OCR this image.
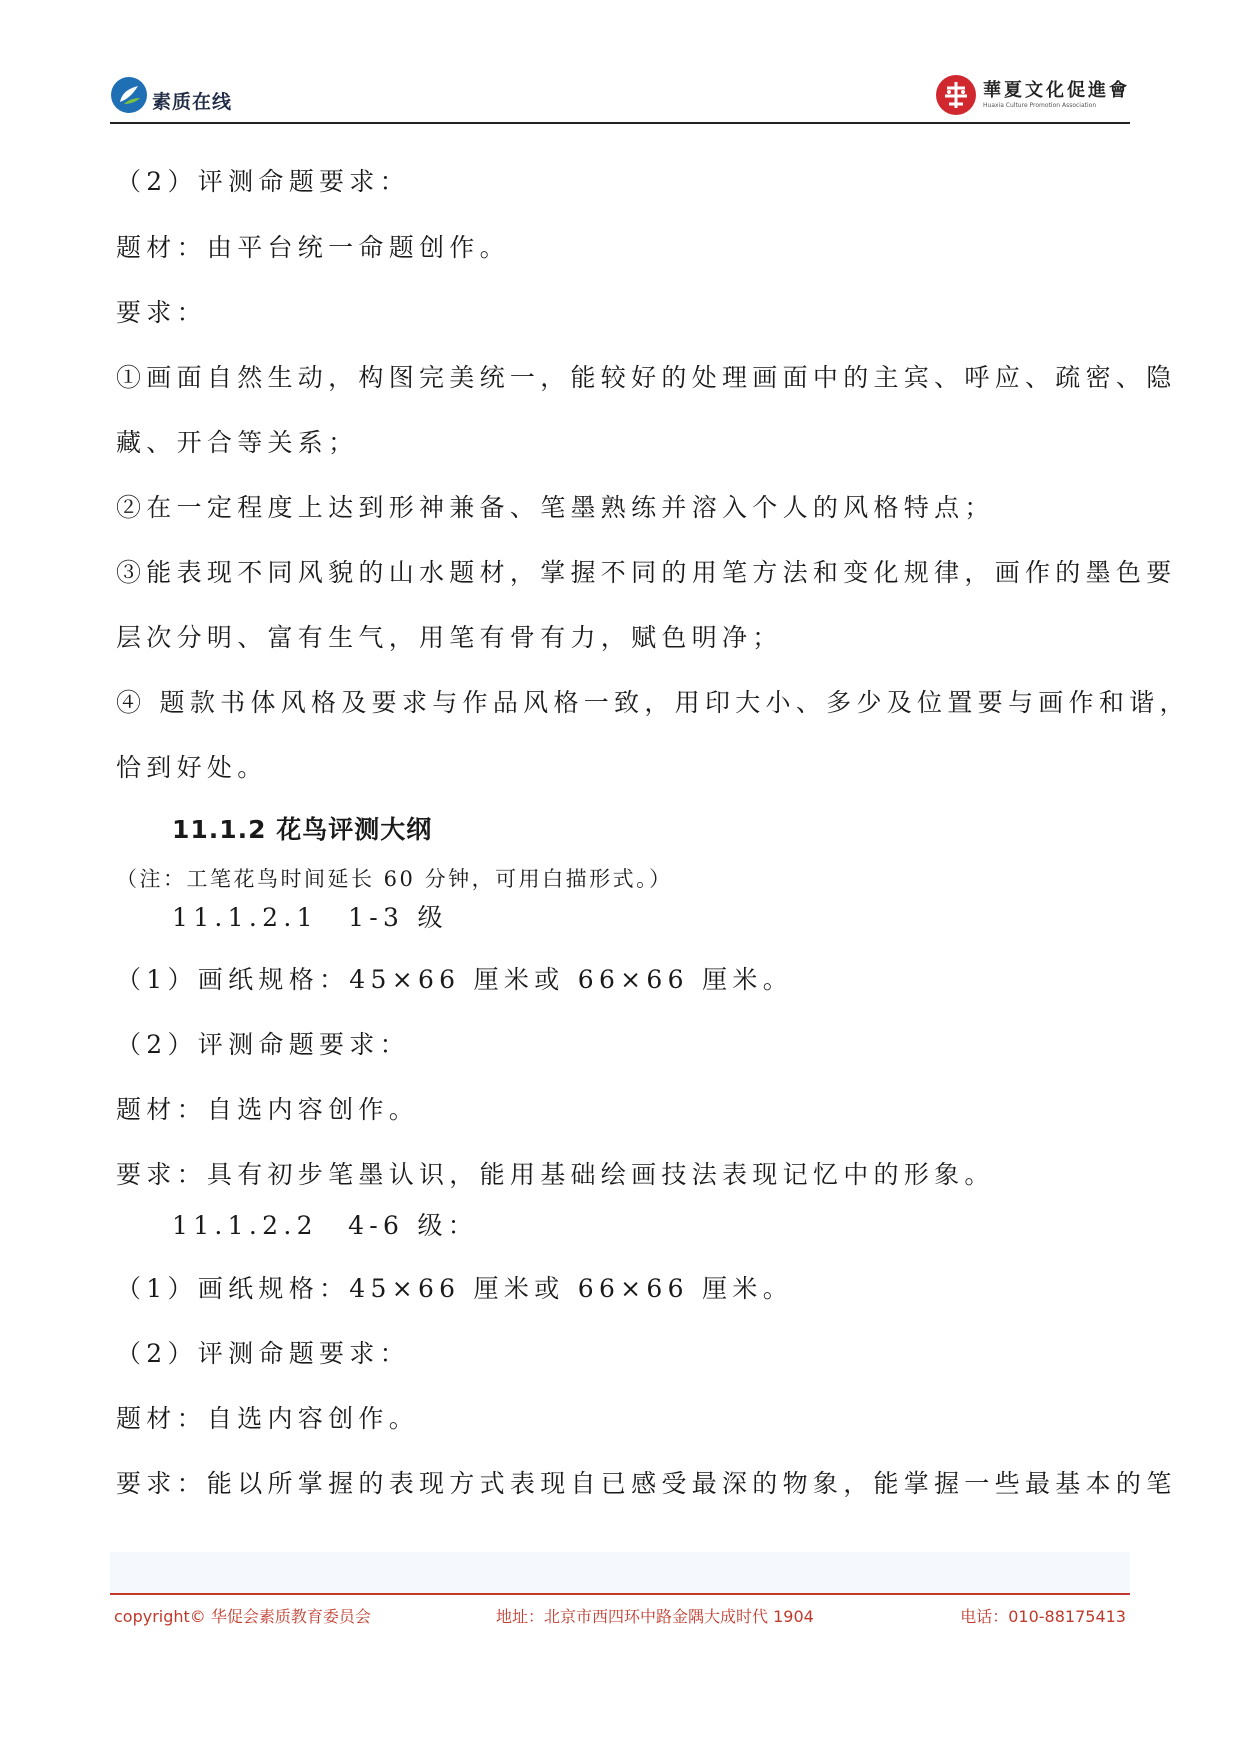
素质在线	華夏文化促進會
Huaxia Culture Promotion Association
（2）评测命题要求：
题材：由平台统一命题创作。
要求：
①画面自然生动，构图完美统一，能较好的处理画面中的主宾、呼应、疏密、隐
藏、开合等关系；
②在一定程度上达到形神兼备、笔墨熟练并溶入个人的风格特点；
③能表现不同风貌的山水题材，掌握不同的用笔方法和变化规律，画作的墨色要
层次分明、富有生气，用笔有骨有力，赋色明净；
④ 题款书体风格及要求与作品风格一致，用印大小、多少及位置要与画作和谐，
恰到好处。
11.1.2 花鸟评测大纲
（注：工笔花鸟时间延长 60 分钟，可用白描形式。）
11.1.2.1　1-3 级
（1）画纸规格：45×66 厘米或 66×66 厘米。
（2）评测命题要求：
题材：自选内容创作。
要求：具有初步笔墨认识，能用基础绘画技法表现记忆中的形象。
11.1.2.2　4-6 级：
（1）画纸规格：45×66 厘米或 66×66 厘米。
（2）评测命题要求：
题材：自选内容创作。
要求：能以所掌握的表现方式表现自已感受最深的物象，能掌握一些最基本的笔
copyright© 华促会素质教育委员会	地址：北京市西四环中路金隅大成时代 1904	电话：010-88175413
